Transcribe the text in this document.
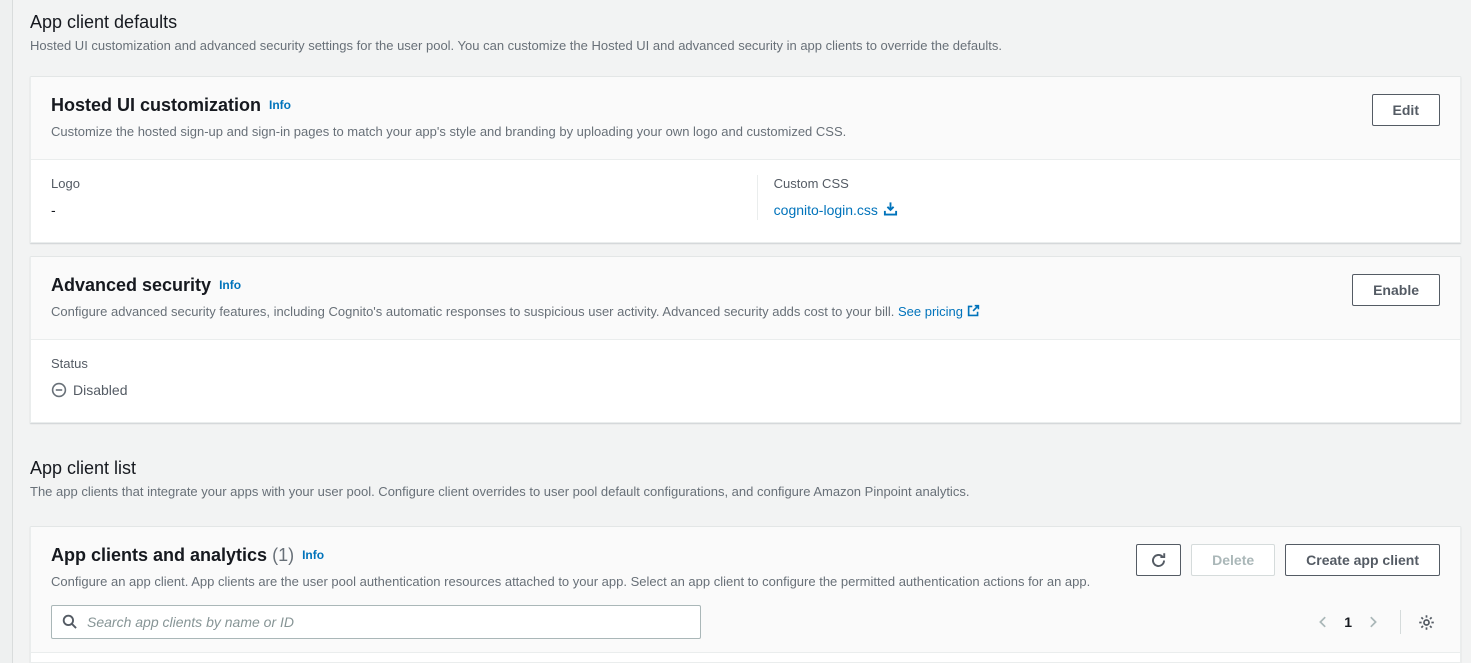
App client defaults

Hosted UI customization and advanced security settings for the user pool. You can customize the Hosted UI and advanced security in app clients to override the defaults.

Hosted UI customization Info

Customize the hosted sign-up and sign-in pages to match your app's style and branding by uploading your own logo and customized CSS.

Edit
Logo
-
Custom CSS
cognito-login.css
Advanced security Info

Configure advanced security features, including Cognito's automatic responses to suspicious user activity. Advanced security adds cost to your bill. See pricing

Enable
Status
Disabled
App client list

The app clients that integrate your apps with your user pool. Configure client overrides to user pool default configurations, and configure Amazon Pinpoint analytics.

App clients and analytics (1) Info

Configure an app client. App clients are the user pool authentication resources attached to your app. Select an app client to configure the permitted authentication actions for an app.

Delete	Create app client
Search app clients by name or ID
1
